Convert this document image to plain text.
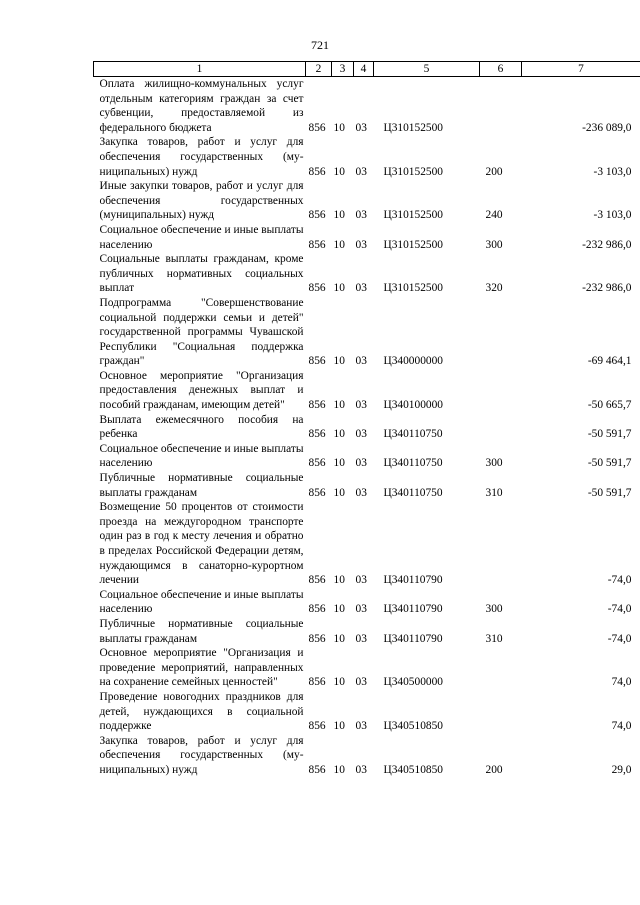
721
1	2	3	4	5	6	7
Оплата жилищно-коммунальных услуг отдельным категориям граждан за счет субвенции, предоставляемой из федерального бюджета	856	10	03	Ц310152500		-236 089,0
Закупка товаров, работ и услуг для обеспечения государственных (муниципальных) нужд	856	10	03	Ц310152500	200	-3 103,0
Иные закупки товаров, работ и услуг для обеспечения государственных (муниципальных) нужд	856	10	03	Ц310152500	240	-3 103,0
Социальное обеспечение и иные выплаты населению	856	10	03	Ц310152500	300	-232 986,0
Социальные выплаты гражданам, кроме публичных нормативных социальных выплат	856	10	03	Ц310152500	320	-232 986,0
Подпрограмма "Совершенствование социальной поддержки семьи и детей" государственной программы Чувашской Республики "Социальная поддержка граждан"	856	10	03	Ц340000000		-69 464,1
Основное мероприятие "Организация предоставления денежных выплат и пособий гражданам, имеющим детей"	856	10	03	Ц340100000		-50 665,7
Выплата ежемесячного пособия на ребенка	856	10	03	Ц340110750		-50 591,7
Социальное обеспечение и иные выплаты населению	856	10	03	Ц340110750	300	-50 591,7
Публичные нормативные социальные выплаты гражданам	856	10	03	Ц340110750	310	-50 591,7
Возмещение 50 процентов от стоимости проезда на междугородном транспорте один раз в год к месту лечения и обратно в пределах Российской Федерации детям, нуждающимся в санаторно-курортном лечении	856	10	03	Ц340110790		-74,0
Социальное обеспечение и иные выплаты населению	856	10	03	Ц340110790	300	-74,0
Публичные нормативные социальные выплаты гражданам	856	10	03	Ц340110790	310	-74,0
Основное мероприятие "Организация и проведение мероприятий, направленных на сохранение семейных ценностей"	856	10	03	Ц340500000		74,0
Проведение новогодних праздников для детей, нуждающихся в социальной поддержке	856	10	03	Ц340510850		74,0
Закупка товаров, работ и услуг для обеспечения государственных (муниципальных) нужд	856	10	03	Ц340510850	200	29,0
